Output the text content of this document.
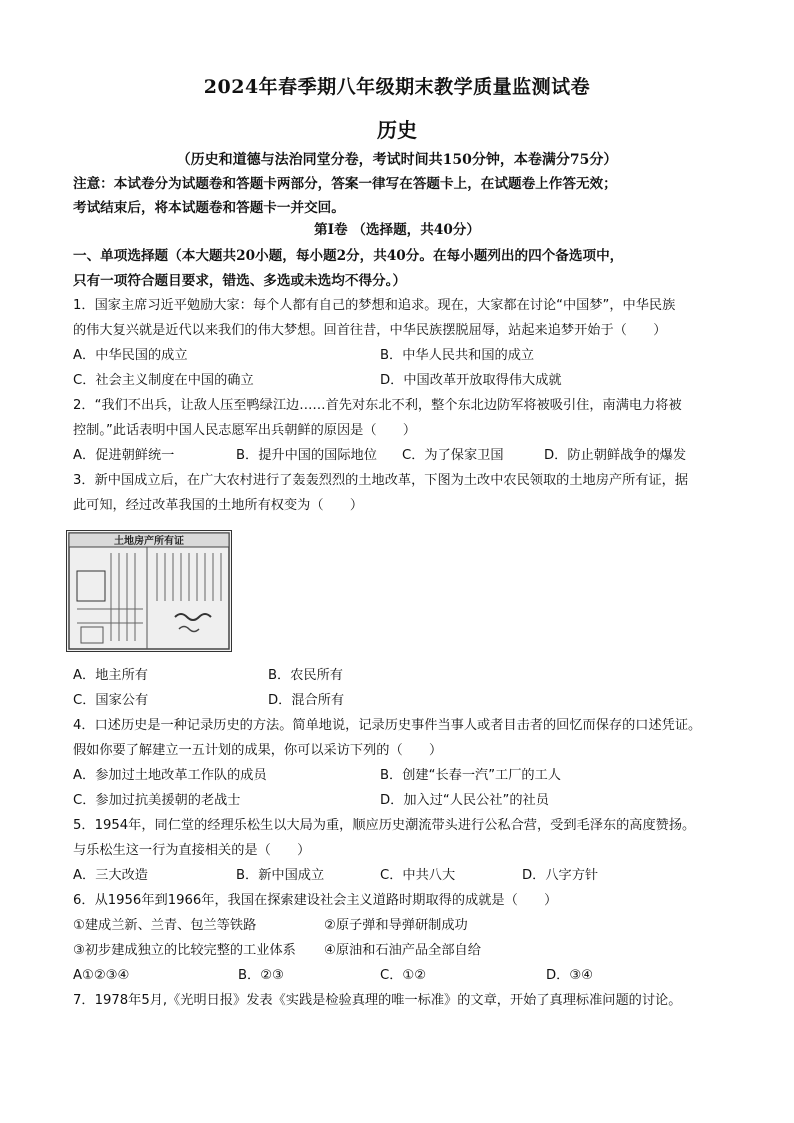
2024年春季期八年级期末教学质量监测试卷
历史
（历史和道德与法治同堂分卷，考试时间共150分钟，本卷满分75分）
注意：本试卷分为试题卷和答题卡两部分，答案一律写在答题卡上，在试题卷上作答无效；
考试结束后，将本试题卷和答题卡一并交回。
第Ⅰ卷 （选择题，共40分）
一、单项选择题（本大题共20小题，每小题2分，共40分。在每小题列出的四个备选项中，
只有一项符合题目要求，错选、多选或未选均不得分。）
1．国家主席习近平勉励大家：每个人都有自己的梦想和追求。现在，大家都在讨论“中国梦”，中华民族
的伟大复兴就是近代以来我们的伟大梦想。回首往昔，中华民族摆脱屈辱，站起来追梦开始于（　　）
A．中华民国的成立	B．中华人民共和国的成立
C．社会主义制度在中国的确立	D．中国改革开放取得伟大成就
2．“我们不出兵，让敌人压至鸭绿江边……首先对东北不利，整个东北边防军将被吸引住，南满电力将被
控制。”此话表明中国人民志愿军出兵朝鲜的原因是（　　）
A．促进朝鲜统一	B．提升中国的国际地位 C．为了保家卫国	D．防止朝鲜战争的爆发
3．新中国成立后，在广大农村进行了轰轰烈烈的土地改革，下图为土改中农民领取的土地房产所有证，据
此可知，经过改革我国的土地所有权变为（　　）
土地房产所有证
A．地主所有	B．农民所有
C．国家公有	D．混合所有
4．口述历史是一种记录历史的方法。简单地说，记录历史事件当事人或者目击者的回忆而保存的口述凭证。
假如你要了解建立一五计划的成果，你可以采访下列的（　　）
A．参加过土地改革工作队的成员	B．创建“长春一汽”工厂的工人
C．参加过抗美援朝的老战士	D．加入过“人民公社”的社员
5．1954年，同仁堂的经理乐松生以大局为重，顺应历史潮流带头进行公私合营，受到毛泽东的高度赞扬。
与乐松生这一行为直接相关的是（　　）
A．三大改造	B．新中国成立	C．中共八大	D．八字方针
6．从1956年到1966年，我国在探索建设社会主义道路时期取得的成就是（　　）
①建成兰新、兰青、包兰等铁路	②原子弹和导弹研制成功
③初步建成独立的比较完整的工业体系 ④原油和石油产品全部自给
A①②③④	B．②③	C．①②	D．③④
7．1978年5月,《光明日报》发表《实践是检验真理的唯一标准》的文章，开始了真理标准问题的讨论。
